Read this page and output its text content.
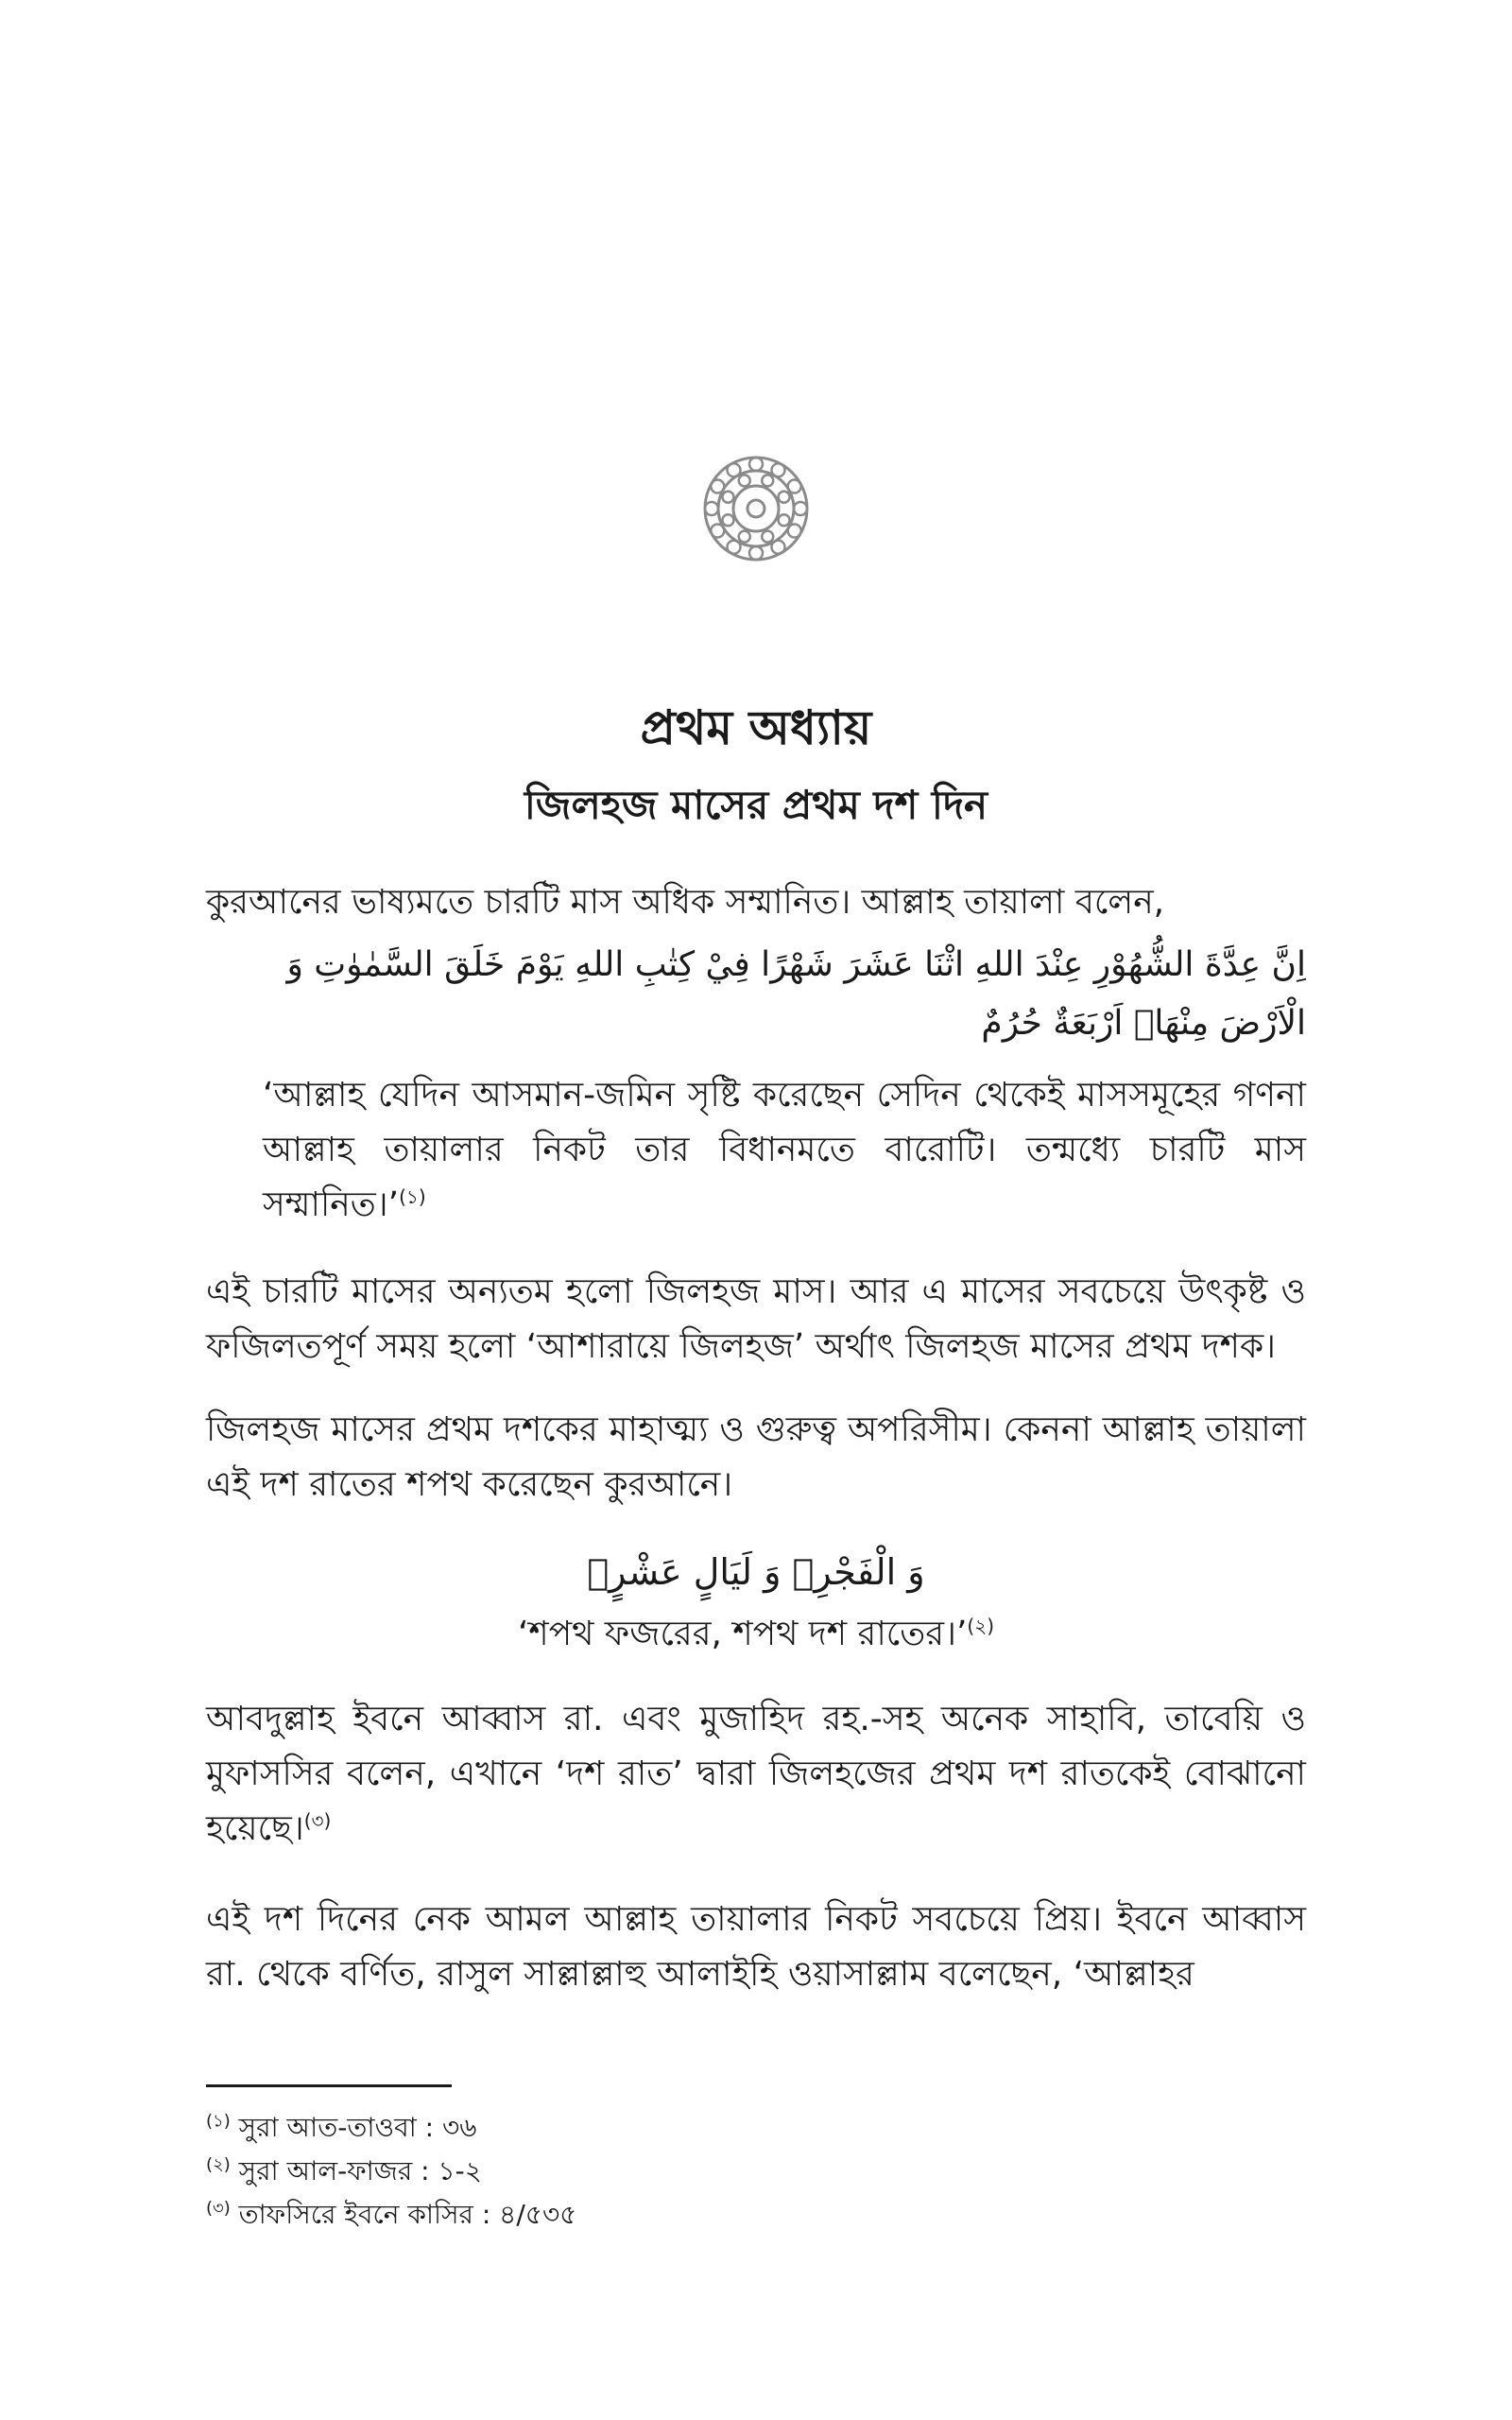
প্রথম অধ্যায়
জিলহজ মাসের প্রথম দশ দিন

কুরআনের ভাষ্যমতে চারটি মাস অধিক সম্মানিত। আল্লাহ তায়ালা বলেন,

اِنَّ عِدَّةَ الشُّهُوْرِ عِنْدَ اللهِ اثْنَا عَشَرَ شَهْرًا فِيْ كِتٰبِ اللهِ يَوْمَ خَلَقَ السَّمٰوٰتِ وَ الْاَرْضَ مِنْهَاۤ اَرْبَعَةٌ حُرُمٌ
‘আল্লাহ যেদিন আসমান-জমিন সৃষ্টি করেছেন সেদিন থেকেই মাসসমূহের গণনা আল্লাহ তায়ালার নিকট তার বিধানমতে বারোটি। তন্মধ্যে চারটি মাস সম্মানিত।’$^{(১)}$

এই চারটি মাসের অন্যতম হলো জিলহজ মাস। আর এ মাসের সবচেয়ে উৎকৃষ্ট ও ফজিলতপূর্ণ সময় হলো ‘আশারায়ে জিলহজ’ অর্থাৎ জিলহজ মাসের প্রথম দশক।

জিলহজ মাসের প্রথম দশকের মাহাত্ম্য ও গুরুত্ব অপরিসীম। কেননা আল্লাহ তায়ালা এই দশ রাতের শপথ করেছেন কুরআনে।

وَ الْفَجْرِۙ وَ لَيَالٍ عَشْرٍۙ
‘শপথ ফজরের, শপথ দশ রাতের।’$^{(২)}$
আবদুল্লাহ ইবনে আব্বাস রা. এবং মুজাহিদ রহ.-সহ অনেক সাহাবি, তাবেয়ি ও মুফাসসির বলেন, এখানে ‘দশ রাত’ দ্বারা জিলহজের প্রথম দশ রাতকেই বোঝানো হয়েছে।$^{(৩)}$

এই দশ দিনের নেক আমল আল্লাহ তায়ালার নিকট সবচেয়ে প্রিয়। ইবনে আব্বাস রা. থেকে বর্ণিত, রাসুল সাল্লাল্লাহু আলাইহি ওয়াসাল্লাম বলেছেন, ‘আল্লাহর

$^{(১)}$ সুরা আত-তাওবা : ৩৬
$^{(২)}$ সুরা আল-ফাজর : ১-২
$^{(৩)}$ তাফসিরে ইবনে কাসির : ৪/৫৩৫
